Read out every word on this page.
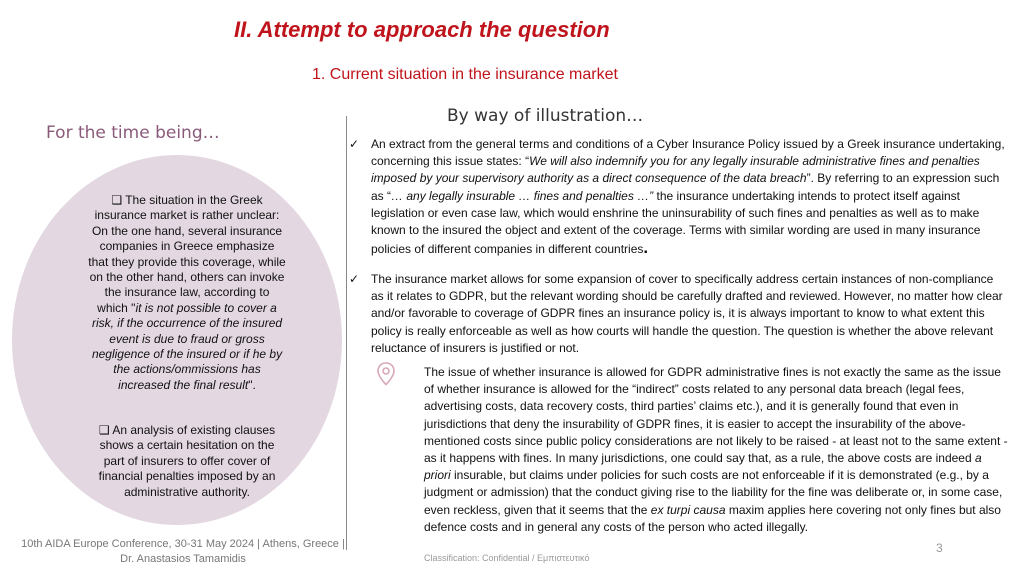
II. Attempt to approach the question
1. Current situation in the insurance market
For the time being…
❑ The situation in the Greek insurance market is rather unclear: On the one hand, several insurance companies in Greece emphasize that they provide this coverage, while on the other hand, others can invoke the insurance law, according to which "it is not possible to cover a risk, if the occurrence of the insured event is due to fraud or gross negligence of the insured or if he by the actions/ommissions has increased the final result".
❑ An analysis of existing clauses shows a certain hesitation on the part of insurers to offer cover of financial penalties imposed by an administrative authority.
By way of illustration…
✓ An extract from the general terms and conditions of a Cyber Insurance Policy issued by a Greek insurance undertaking, concerning this issue states: “We will also indemnify you for any legally insurable administrative fines and penalties imposed by your supervisory authority as a direct consequence of the data breach”. By referring to an expression such as “… any legally insurable … fines and penalties …” the insurance undertaking intends to protect itself against legislation or even case law, which would enshrine the uninsurability of such fines and penalties as well as to make known to the insured the object and extent of the coverage. Terms with similar wording are used in many insurance policies of different companies in different countries.
✓ The insurance market allows for some expansion of cover to specifically address certain instances of non-compliance as it relates to GDPR, but the relevant wording should be carefully drafted and reviewed. However, no matter how clear and/or favorable to coverage of GDPR fines an insurance policy is, it is always important to know to what extent this policy is really enforceable as well as how courts will handle the question. The question is whether the above relevant reluctance of insurers is justified or not.
The issue of whether insurance is allowed for GDPR administrative fines is not exactly the same as the issue of whether insurance is allowed for the “indirect” costs related to any personal data breach (legal fees, advertising costs, data recovery costs, third parties’ claims etc.), and it is generally found that even in jurisdictions that deny the insurability of GDPR fines, it is easier to accept the insurability of the above-mentioned costs since public policy considerations are not likely to be raised - at least not to the same extent - as it happens with fines. In many jurisdictions, one could say that, as a rule, the above costs are indeed a priori insurable, but claims under policies for such costs are not enforceable if it is demonstrated (e.g., by a judgment or admission) that the conduct giving rise to the liability for the fine was deliberate or, in some case, even reckless, given that it seems that the ex turpi causa maxim applies here covering not only fines but also defence costs and in general any costs of the person who acted illegally.
10th AIDA Europe Conference, 30-31 May 2024 | Athens, Greece | Dr. Anastasios Tamamidis	Classification: Confidential / Εμπιστευτικό
3
